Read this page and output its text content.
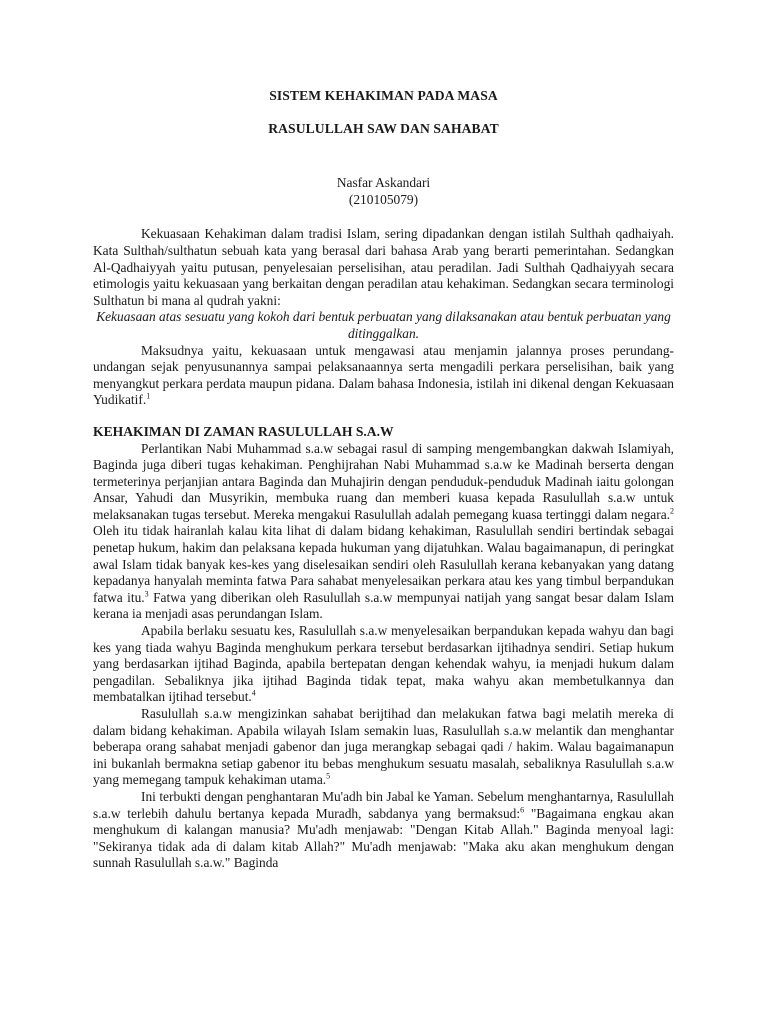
SISTEM KEHAKIMAN PADA MASA
RASULULLAH SAW DAN SAHABAT

Nasfar Askandari

(210105079)

Kekuasaan Kehakiman dalam tradisi Islam, sering dipadankan dengan istilah Sulthah qadhaiyah. Kata Sulthah/sulthatun sebuah kata yang berasal dari bahasa Arab yang berarti pemerintahan. Sedangkan Al-Qadhaiyyah yaitu putusan, penyelesaian perselisihan, atau peradilan. Jadi Sulthah Qadhaiyyah secara etimologis yaitu kekuasaan yang berkaitan dengan peradilan atau kehakiman. Sedangkan secara terminologi Sulthatun bi mana al qudrah yakni:

Kekuasaan atas sesuatu yang kokoh dari bentuk perbuatan yang dilaksanakan atau bentuk perbuatan yang ditinggalkan.

Maksudnya yaitu, kekuasaan untuk mengawasi atau menjamin jalannya proses perundang-undangan sejak penyusunannya sampai pelaksanaannya serta mengadili perkara perselisihan, baik yang menyangkut perkara perdata maupun pidana. Dalam bahasa Indonesia, istilah ini dikenal dengan Kekuasaan Yudikatif.$^1$

KEHAKIMAN DI ZAMAN RASULULLAH S.A.W

Perlantikan Nabi Muhammad s.a.w sebagai rasul di samping mengembangkan dakwah Islamiyah, Baginda juga diberi tugas kehakiman. Penghijrahan Nabi Muhammad s.a.w ke Madinah berserta dengan termeterinya perjanjian antara Baginda dan Muhajirin dengan penduduk-penduduk Madinah iaitu golongan Ansar, Yahudi dan Musyrikin, membuka ruang dan memberi kuasa kepada Rasulullah s.a.w untuk melaksanakan tugas tersebut. Mereka mengakui Rasulullah adalah pemegang kuasa tertinggi dalam negara.$^2$ Oleh itu tidak hairanlah kalau kita lihat di dalam bidang kehakiman, Rasulullah sendiri bertindak sebagai penetap hukum, hakim dan pelaksana kepada hukuman yang dijatuhkan. Walau bagaimanapun, di peringkat awal Islam tidak banyak kes-kes yang diselesaikan sendiri oleh Rasulullah kerana kebanyakan yang datang kepadanya hanyalah meminta fatwa Para sahabat menyelesaikan perkara atau kes yang timbul berpandukan fatwa itu.$^3$ Fatwa yang diberikan oleh Rasulullah s.a.w mempunyai natijah yang sangat besar dalam Islam kerana ia menjadi asas perundangan Islam.

Apabila berlaku sesuatu kes, Rasulullah s.a.w menyelesaikan berpandukan kepada wahyu dan bagi kes yang tiada wahyu Baginda menghukum perkara tersebut berdasarkan ijtihadnya sendiri. Setiap hukum yang berdasarkan ijtihad Baginda, apabila bertepatan dengan kehendak wahyu, ia menjadi hukum dalam pengadilan. Sebaliknya jika ijtihad Baginda tidak tepat, maka wahyu akan membetulkannya dan membatalkan ijtihad tersebut.$^4$

Rasulullah s.a.w mengizinkan sahabat berijtihad dan melakukan fatwa bagi melatih mereka di dalam bidang kehakiman. Apabila wilayah Islam semakin luas, Rasulullah s.a.w melantik dan menghantar beberapa orang sahabat menjadi gabenor dan juga merangkap sebagai qadi / hakim. Walau bagaimanapun ini bukanlah bermakna setiap gabenor itu bebas menghukum sesuatu masalah, sebaliknya Rasulullah s.a.w yang memegang tampuk kehakiman utama.$^5$

Ini terbukti dengan penghantaran Mu'adh bin Jabal ke Yaman. Sebelum menghantarnya, Rasulullah s.a.w terlebih dahulu bertanya kepada Muradh, sabdanya yang bermaksud:$^6$ "Bagaimana engkau akan menghukum di kalangan manusia? Mu'adh menjawab: "Dengan Kitab Allah." Baginda menyoal lagi: "Sekiranya tidak ada di dalam kitab Allah?" Mu'adh menjawab: "Maka aku akan menghukum dengan sunnah Rasulullah s.a.w." Baginda
